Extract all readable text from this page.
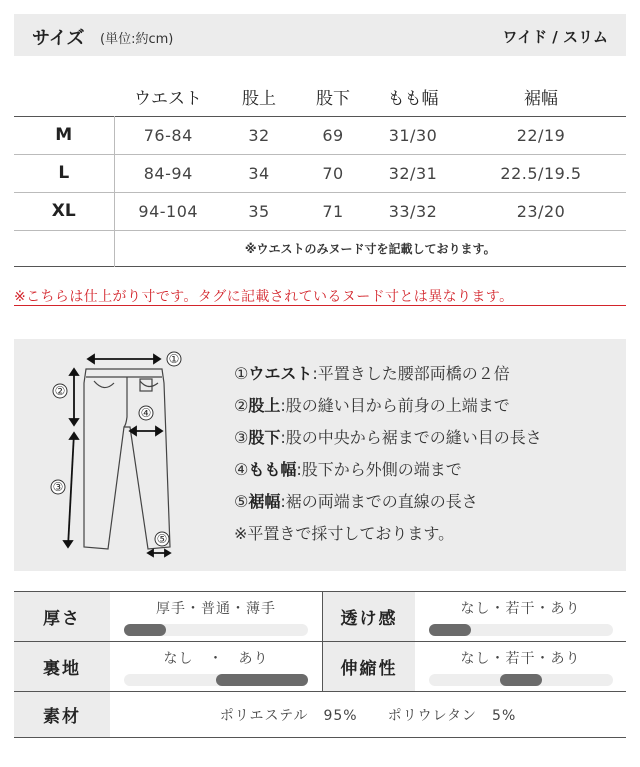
サイズ (単位:約cm)	ワイド / スリム
	ウエスト	股上	股下	もも幅	裾幅
M	76-84	32	69	31/30	22/19
L	84-94	34	70	32/31	22.5/19.5
XL	94-104	35	71	33/32	23/20
	※ウエストのみヌード寸を記載しております。				
※こちらは仕上がり寸です。タグに記載されているヌード寸とは異なります。
①
②
③
④
⑤
①ウエスト:平置きした腰部両橋の２倍
②股上:股の縫い目から前身の上端まで
③股下:股の中央から裾までの縫い目の長さ
④もも幅:股下から外側の端まで
⑤裾幅:裾の両端までの直線の長さ
※平置きで採寸しております。
厚さ	厚手・普通・薄手	透け感	なし・若干・あり

裏地	なし　・　あり	伸縮性	なし・若干・あり

素材	ポリエステル　95%　　ポリウレタン　5%		
